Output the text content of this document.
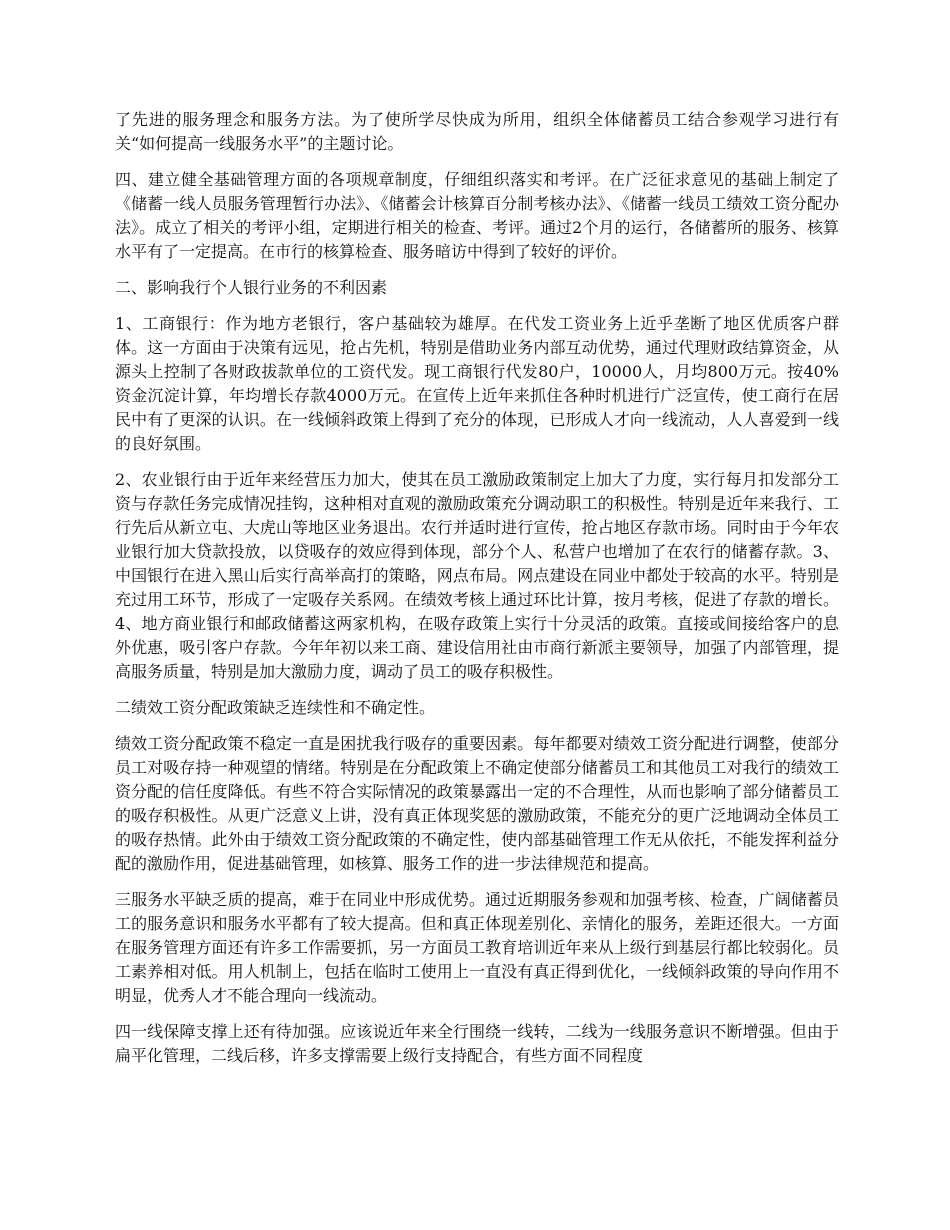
了先进的服务理念和服务方法。为了使所学尽快成为所用，组织全体储蓄员工结合参观学习进行有关“如何提高一线服务水平”的主题讨论。

四、建立健全基础管理方面的各项规章制度，仔细组织落实和考评。在广泛征求意见的基础上制定了《储蓄一线人员服务管理暂行办法》、《储蓄会计核算百分制考核办法》、《储蓄一线员工绩效工资分配办法》。成立了相关的考评小组，定期进行相关的检查、考评。通过2个月的运行，各储蓄所的服务、核算水平有了一定提高。在市行的核算检查、服务暗访中得到了较好的评价。

二、影响我行个人银行业务的不利因素

1、工商银行：作为地方老银行，客户基础较为雄厚。在代发工资业务上近乎垄断了地区优质客户群体。这一方面由于决策有远见，抢占先机，特别是借助业务内部互动优势，通过代理财政结算资金，从源头上控制了各财政拔款单位的工资代发。现工商银行代发80户，10000人，月均800万元。按40%资金沉淀计算，年均增长存款4000万元。在宣传上近年来抓住各种时机进行广泛宣传，使工商行在居民中有了更深的认识。在一线倾斜政策上得到了充分的体现，已形成人才向一线流动，人人喜爱到一线的良好氛围。

2、农业银行由于近年来经营压力加大，使其在员工激励政策制定上加大了力度，实行每月扣发部分工资与存款任务完成情况挂钩，这种相对直观的激励政策充分调动职工的积极性。特别是近年来我行、工行先后从新立屯、大虎山等地区业务退出。农行并适时进行宣传，抢占地区存款市场。同时由于今年农业银行加大贷款投放，以贷吸存的效应得到体现，部分个人、私营户也增加了在农行的储蓄存款。3、中国银行在进入黑山后实行高举高打的策略，网点布局。网点建设在同业中都处于较高的水平。特别是充过用工环节，形成了一定吸存关系网。在绩效考核上通过环比计算，按月考核，促进了存款的增长。4、地方商业银行和邮政储蓄这两家机构，在吸存政策上实行十分灵活的政策。直接或间接给客户的息外优惠，吸引客户存款。今年年初以来工商、建设信用社由市商行新派主要领导，加强了内部管理，提高服务质量，特别是加大激励力度，调动了员工的吸存积极性。

二绩效工资分配政策缺乏连续性和不确定性。

绩效工资分配政策不稳定一直是困扰我行吸存的重要因素。每年都要对绩效工资分配进行调整，使部分员工对吸存持一种观望的情绪。特别是在分配政策上不确定使部分储蓄员工和其他员工对我行的绩效工资分配的信任度降低。有些不符合实际情况的政策暴露出一定的不合理性，从而也影响了部分储蓄员工的吸存积极性。从更广泛意义上讲，没有真正体现奖惩的激励政策，不能充分的更广泛地调动全体员工的吸存热情。此外由于绩效工资分配政策的不确定性，使内部基础管理工作无从依托，不能发挥利益分配的激励作用，促进基础管理，如核算、服务工作的进一步法律规范和提高。

三服务水平缺乏质的提高，难于在同业中形成优势。通过近期服务参观和加强考核、检查，广阔储蓄员工的服务意识和服务水平都有了较大提高。但和真正体现差别化、亲情化的服务，差距还很大。一方面在服务管理方面还有许多工作需要抓，另一方面员工教育培训近年来从上级行到基层行都比较弱化。员工素养相对低。用人机制上，包括在临时工使用上一直没有真正得到优化，一线倾斜政策的导向作用不明显，优秀人才不能合理向一线流动。

四一线保障支撑上还有待加强。应该说近年来全行围绕一线转，二线为一线服务意识不断增强。但由于扁平化管理，二线后移，许多支撑需要上级行支持配合，有些方面不同程度
